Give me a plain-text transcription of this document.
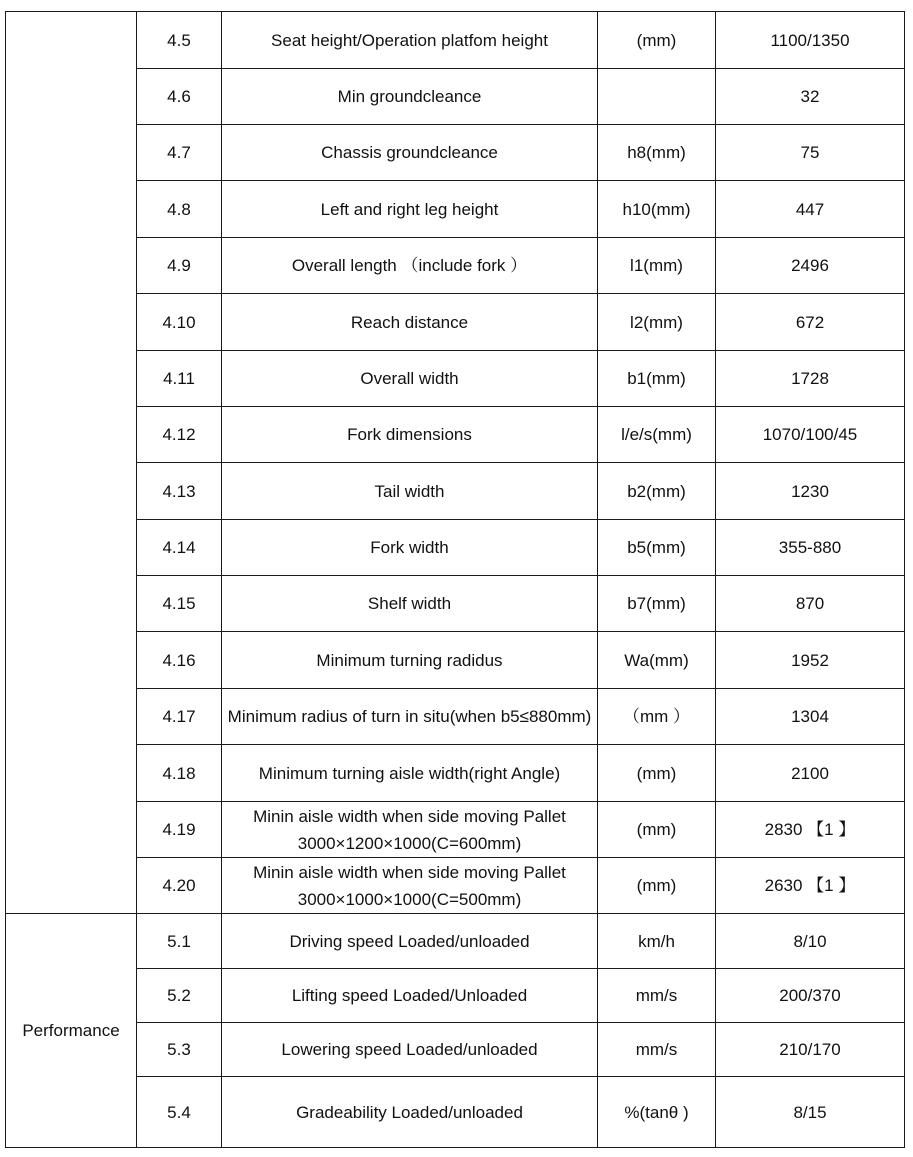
	4.5	Seat height/Operation platfom height	(mm)	1100/1350
	4.6	Min groundcleance		32
	4.7	Chassis groundcleance	h8(mm)	75
	4.8	Left and right leg height	h10(mm)	447
	4.9	Overall length （include fork ）	l1(mm)	2496
	4.10	Reach distance	l2(mm)	672
	4.11	Overall width	b1(mm)	1728
	4.12	Fork dimensions	l/e/s(mm)	1070/100/45
	4.13	Tail width	b2(mm)	1230
	4.14	Fork width	b5(mm)	355-880
	4.15	Shelf width	b7(mm)	870
	4.16	Minimum turning radidus	Wa(mm)	1952
	4.17	Minimum radius of turn in situ(when b5≤880mm)	（mm ）	1304
	4.18	Minimum turning aisle width(right Angle)	(mm)	2100
	4.19	Minin aisle width when side moving Pallet 3000×1200×1000(C=600mm)	(mm)	2830 【1 】
	4.20	Minin aisle width when side moving Pallet 3000×1000×1000(C=500mm)	(mm)	2630 【1 】
Performance	5.1	Driving speed Loaded/unloaded	km/h	8/10
	5.2	Lifting speed Loaded/Unloaded	mm/s	200/370
	5.3	Lowering speed Loaded/unloaded	mm/s	210/170
	5.4	Gradeability Loaded/unloaded	%(tanθ )	8/15
